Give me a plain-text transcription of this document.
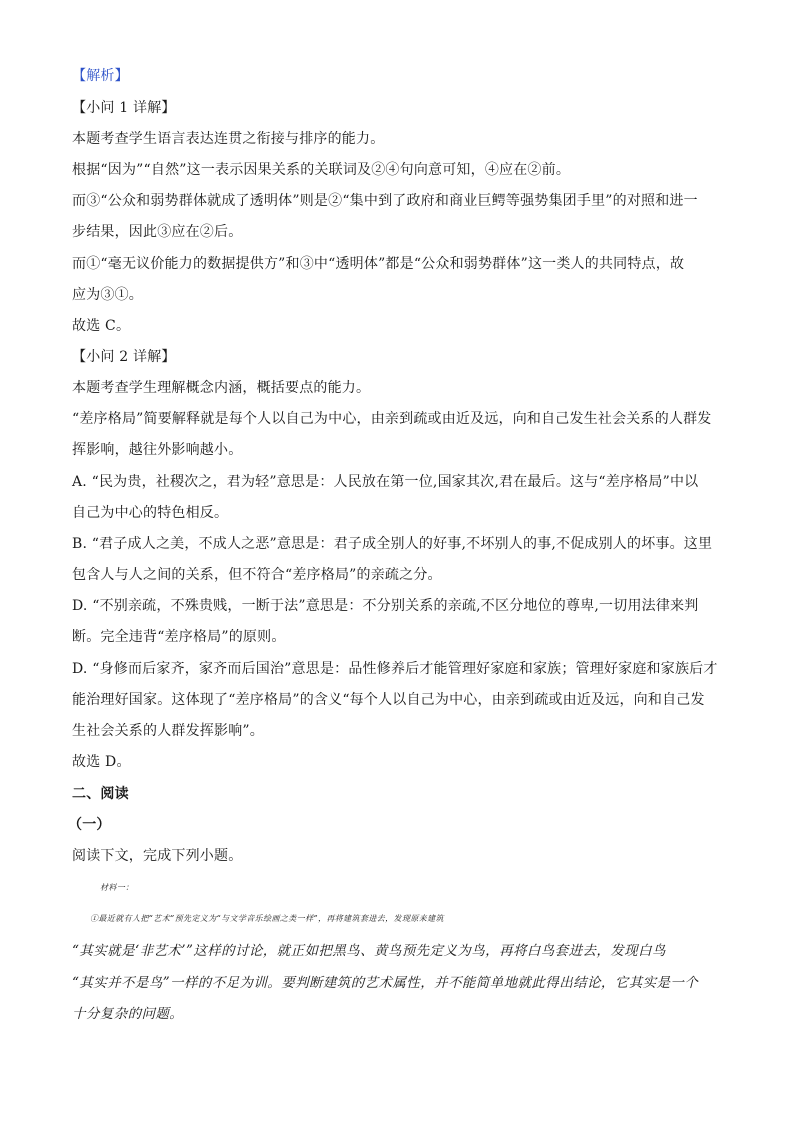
【解析】
【小问 1 详解】
本题考查学生语言表达连贯之衔接与排序的能力。
根据“因为”“自然”这一表示因果关系的关联词及②④句向意可知，④应在②前。
而③“公众和弱势群体就成了透明体”则是②“集中到了政府和商业巨鳄等强势集团手里”的对照和进一
步结果，因此③应在②后。
而①“毫无议价能力的数据提供方”和③中“透明体”都是“公众和弱势群体”这一类人的共同特点，故
应为③①。
故选 C。
【小问 2 详解】
本题考查学生理解概念内涵，概括要点的能力。
“差序格局”简要解释就是每个人以自己为中心，由亲到疏或由近及远，向和自己发生社会关系的人群发
挥影响，越往外影响越小。
A. “民为贵，社稷次之，君为轻”意思是：人民放在第一位,国家其次,君在最后。这与“差序格局”中以
自己为中心的特色相反。
B. “君子成人之美，不成人之恶”意思是：君子成全别人的好事,不坏别人的事,不促成别人的坏事。这里
包含人与人之间的关系，但不符合“差序格局”的亲疏之分。
D. “不别亲疏，不殊贵贱，一断于法”意思是：不分别关系的亲疏,不区分地位的尊卑,一切用法律来判
断。完全违背“差序格局”的原则。
D. “身修而后家齐，家齐而后国治”意思是：品性修养后才能管理好家庭和家族；管理好家庭和家族后才
能治理好国家。这体现了“差序格局”的含义“每个人以自己为中心，由亲到疏或由近及远，向和自己发
生社会关系的人群发挥影响”。
故选 D。
二、阅读
（一）
阅读下文，完成下列小题。
材料一：
①最近就有人把“艺术”预先定义为“与文学音乐绘画之类一样”，再将建筑套进去，发现原来建筑
“其实就是‘非艺术’”这样的讨论，就正如把黑鸟、黄鸟预先定义为鸟，再将白鸟套进去，发现白鸟
“其实并不是鸟”一样的不足为训。要判断建筑的艺术属性，并不能简单地就此得出结论，它其实是一个
十分复杂的问题。
